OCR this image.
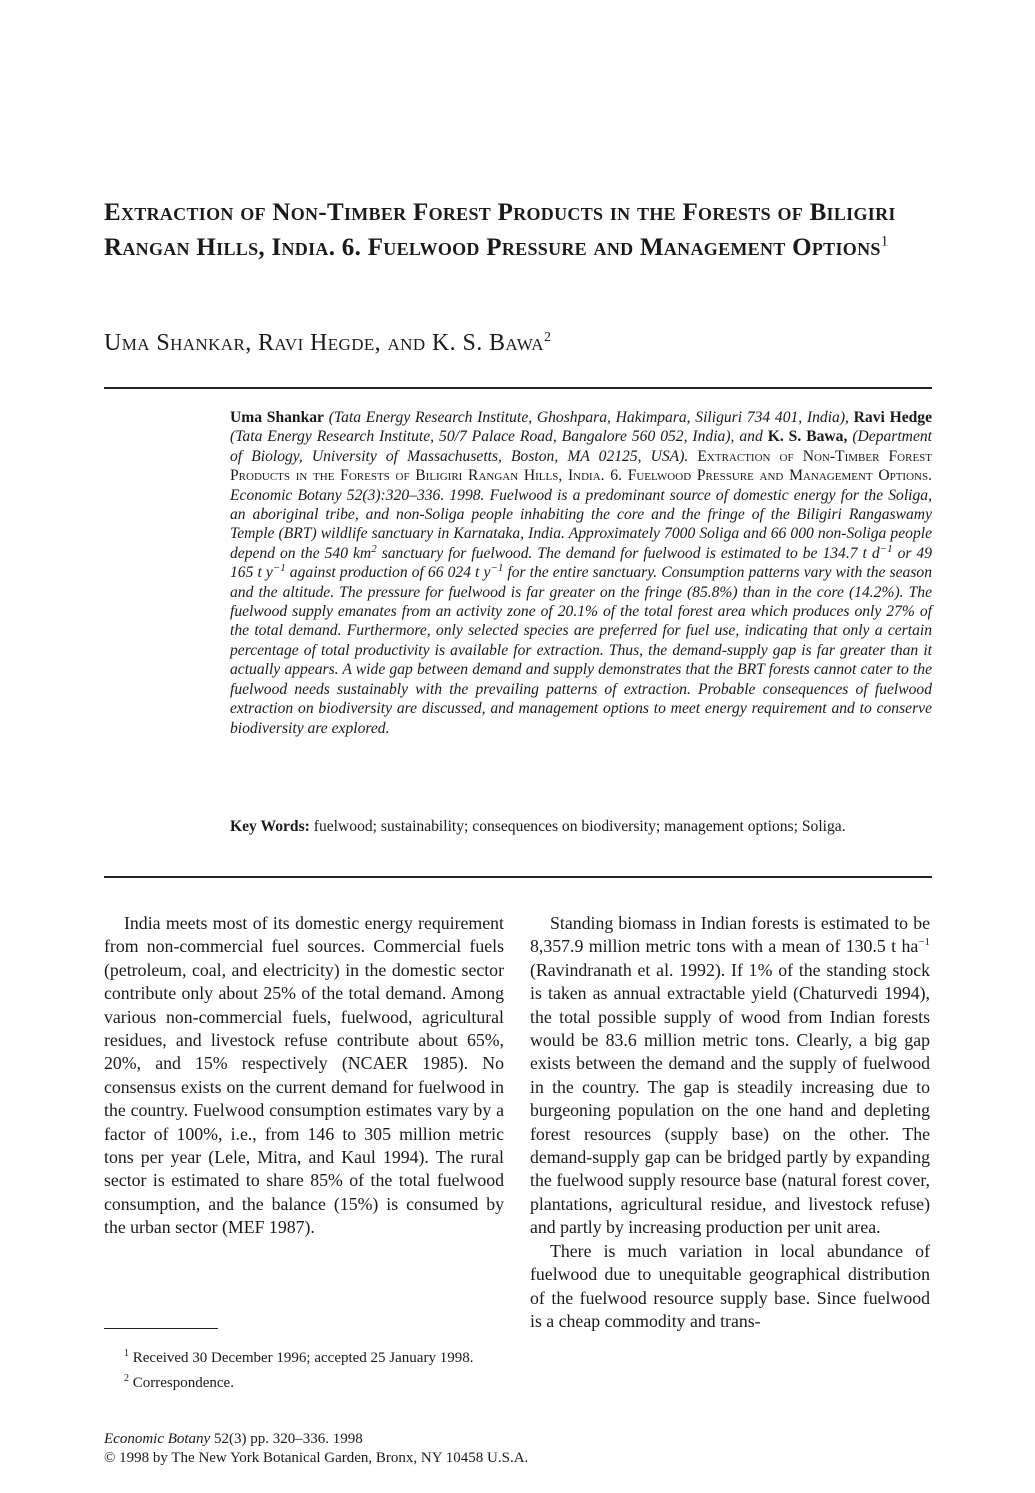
Extraction of Non-Timber Forest Products in the Forests of Biligiri Rangan Hills, India. 6. Fuelwood Pressure and Management Options$^1$
Uma Shankar, Ravi Hegde, and K. S. Bawa$^2$
Uma Shankar (Tata Energy Research Institute, Ghoshpara, Hakimpara, Siliguri 734 401, India), Ravi Hedge (Tata Energy Research Institute, 50/7 Palace Road, Bangalore 560 052, India), and K. S. Bawa, (Department of Biology, University of Massachusetts, Boston, MA 02125, USA). Extraction of Non-Timber Forest Products in the Forests of Biligiri Rangan Hills, India. 6. Fuelwood Pressure and Management Options. Economic Botany 52(3):320–336. 1998. Fuelwood is a predominant source of domestic energy for the Soliga, an aboriginal tribe, and non-Soliga people inhabiting the core and the fringe of the Biligiri Rangaswamy Temple (BRT) wildlife sanctuary in Karnataka, India. Approximately 7000 Soliga and 66 000 non-Soliga people depend on the 540 $km^2$ sanctuary for fuelwood. The demand for fuelwood is estimated to be 134.7 t $d^{-1}$ or 49 165 t $y^{-1}$ against production of 66 024 t $y^{-1}$ for the entire sanctuary. Consumption patterns vary with the season and the altitude. The pressure for fuelwood is far greater on the fringe (85.8%) than in the core (14.2%). The fuelwood supply emanates from an activity zone of 20.1% of the total forest area which produces only 27% of the total demand. Furthermore, only selected species are preferred for fuel use, indicating that only a certain percentage of total productivity is available for extraction. Thus, the demand-supply gap is far greater than it actually appears. A wide gap between demand and supply demonstrates that the BRT forests cannot cater to the fuelwood needs sustainably with the prevailing patterns of extraction. Probable consequences of fuelwood extraction on biodiversity are discussed, and management options to meet energy requirement and to conserve biodiversity are explored.
Key Words: fuelwood; sustainability; consequences on biodiversity; management options; Soliga.

India meets most of its domestic energy requirement from non-commercial fuel sources. Commercial fuels (petroleum, coal, and electricity) in the domestic sector contribute only about 25% of the total demand. Among various non-commercial fuels, fuelwood, agricultural residues, and livestock refuse contribute about 65%, 20%, and 15% respectively (NCAER 1985). No consensus exists on the current demand for fuelwood in the country. Fuelwood consumption estimates vary by a factor of 100%, i.e., from 146 to 305 million metric tons per year (Lele, Mitra, and Kaul 1994). The rural sector is estimated to share 85% of the total fuelwood consumption, and the balance (15%) is consumed by the urban sector (MEF 1987).

Standing biomass in Indian forests is estimated to be 8,357.9 million metric tons with a mean of 130.5 t $ha^{-1}$ (Ravindranath et al. 1992). If 1% of the standing stock is taken as annual extractable yield (Chaturvedi 1994), the total possible supply of wood from Indian forests would be 83.6 million metric tons. Clearly, a big gap exists between the demand and the supply of fuelwood in the country. The gap is steadily increasing due to burgeoning population on the one hand and depleting forest resources (supply base) on the other. The demand-supply gap can be bridged partly by expanding the fuelwood supply resource base (natural forest cover, plantations, agricultural residue, and livestock refuse) and partly by increasing production per unit area.

There is much variation in local abundance of fuelwood due to unequitable geographical distribution of the fuelwood resource supply base. Since fuelwood is a cheap commodity and trans-

$^1$ Received 30 December 1996; accepted 25 January 1998.
$^2$ Correspondence.
Economic Botany 52(3) pp. 320–336. 1998
© 1998 by The New York Botanical Garden, Bronx, NY 10458 U.S.A.
